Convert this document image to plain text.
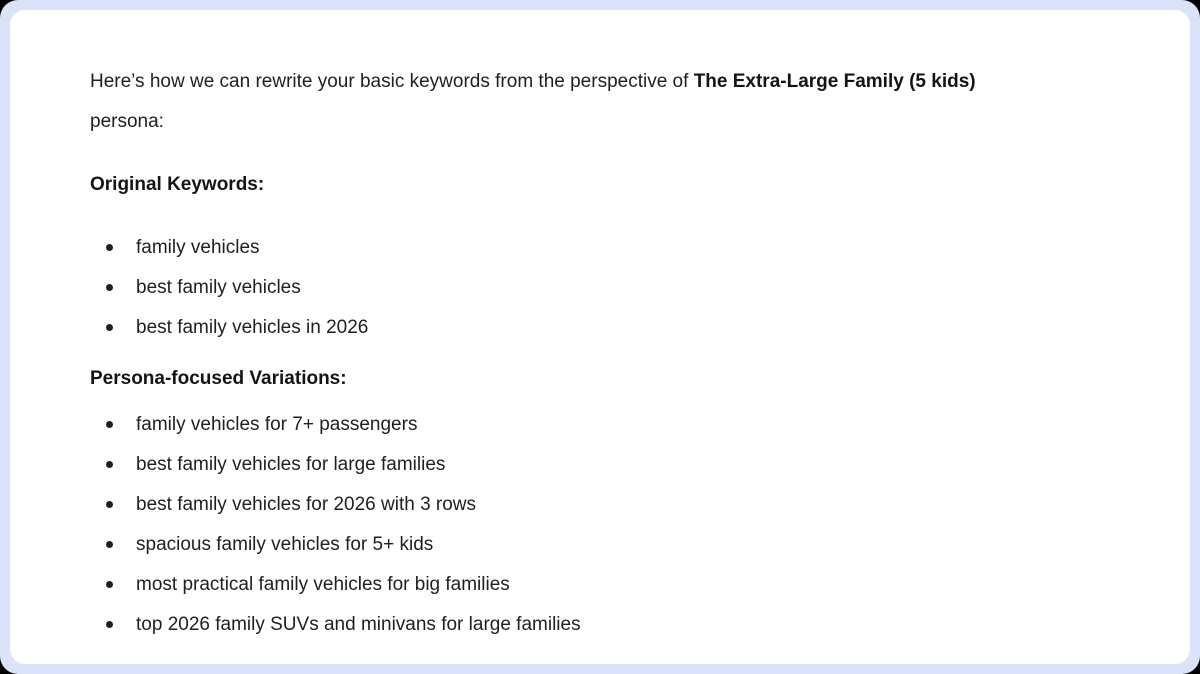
Here’s how we can rewrite your basic keywords from the perspective of The Extra-Large Family (5 kids)
persona:

Original Keywords:

family vehicles
best family vehicles
best family vehicles in 2026

Persona-focused Variations:

family vehicles for 7+ passengers
best family vehicles for large families
best family vehicles for 2026 with 3 rows
spacious family vehicles for 5+ kids
most practical family vehicles for big families
top 2026 family SUVs and minivans for large families
